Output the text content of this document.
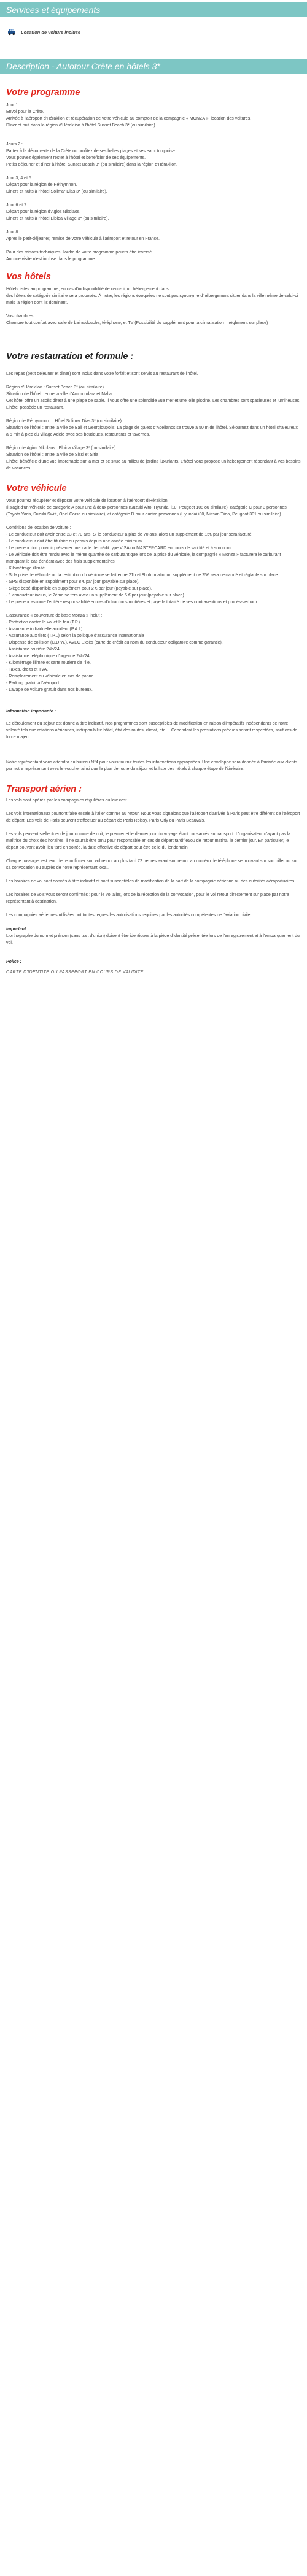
Services et équipements
Location de voiture incluse
Description - Autotour Crète en hôtels 3*
Votre programme

Jour 1 :
Envol pour la Crète.
Arrivée à l'aéroport d'Héraklion et récupération de votre véhicule au comptoir de la compagnie « MONZA », location des voitures.
Dîner et nuit dans la région d'Héraklion à l'hôtel Sunset Beach 3* (ou similaire)

Jours 2 :
Partez à la découverte de la Crète ou profitez de ses belles plages et ses eaux turquoise.
Vous pouvez également rester à l'hôtel et bénéficier de ses équipements.
Petits déjeuner et dîner à l'hôtel Sunset Beach 3* (ou similaire) dans la région d'Héraklion.

Jour 3, 4 et 5 :
Départ pour la région de Réthymnon.
Diners et nuits à l'hôtel Solimar Dias 3* (ou similaire).

Jour 6 et 7 :
Départ pour la région d'Agios Nikolaos.
Diners et nuits à l'hôtel Elpida Village 3* (ou similaire).

Jour 8 :
Après le petit-déjeuner, remise de votre véhicule à l'aéroport et retour en France.

Pour des raisons techniques, l'ordre de votre programme pourra être inversé.
Aucune visite n'est incluse dans le programme.

Vos hôtels

Hôtels listés au programme, en cas d'indisponibilité de ceux-ci, un hébergement dans
des hôtels de catégorie similaire sera proposés. À noter, les régions évoquées ne sont pas synonyme d'hébergement situer dans la ville même de celui-ci mais la région dont ils dominent.

Vos chambres :
Chambre tout confort avec salle de bains/douche, téléphone, et TV (Possibilité du supplément pour la climatisation – règlement sur place)

Votre restauration et formule :

Les repas (petit déjeuner et dîner) sont inclus dans votre forfait et sont servis au restaurant de l'hôtel.

Région d'Héraklion : Sunset Beach 3* (ou similaire)
Situation de l'hôtel : entre la ville d'Ammoudara et Malia
Cet hôtel offre un accès direct à une plage de sable. Il vous offre une splendide vue mer et une jolie piscine. Les chambres sont spacieuses et lumineuses. L'hôtel possède un restaurant.

Région de Réthymnon : : Hôtel Solimar Dias 3* (ou similaire)
Situation de l'hôtel : entre la ville de Bali et Georgioupolis. La plage de galets d'Adelianos se trouve à 50 m de l'hôtel. Séjournez dans un hôtel chaleureux à 5 min à pied du village Adele avec ses boutiques, restaurants et tavernes.

Région de Agios Nikolaos : Elpida Village 3* (ou similaire)
Situation de l'hôtel : entre la ville de Sissi et Sitia
L'hôtel bénéficie d'une vue imprenable sur la mer et se situe au milieu de jardins luxuriants. L'hôtel vous propose un hébergement répondant à vos besoins de vacances.

Votre véhicule

Vous pourrez récupérer et déposer votre véhicule de location à l'aéroport d'Héraklion.
Il s'agit d'un véhicule de catégorie A pour une à deux personnes (Suzuki Alto, Hyundai i10, Peugeot 108 ou similaire), catégorie C pour 3 personnes (Toyota Yaris, Suzuki Swift, Opel Corsa ou similaire), et catégorie D pour quatre personnes (Hyundai i30, Nissan Tiida, Peugeot 301 ou similaire).

Conditions de location de voiture :
- Le conducteur doit avoir entre 23 et 70 ans. Si le conducteur a plus de 70 ans, alors un supplément de 15€ par jour sera facturé.
- Le conducteur doit être titulaire du permis depuis une année minimum.
- Le preneur doit pouvoir présenter une carte de crédit type VISA ou MASTERCARD en cours de validité et à son nom.
- Le véhicule doit être rendu avec le même quantité de carburant que lors de la prise du véhicule, la compagnie « Monza » facturera le carburant manquant le cas échéant avec des frais supplémentaires.
- Kilométrage illimité.
- Si la prise de véhicule ou la restitution du véhicule se fait entre 21h et 8h du matin, un supplément de 25€ sera demandé et réglable sur place.
- GPS disponible en supplément pour 8 € par jour (payable sur place).
- Siège bébé disponible en supplément pour 2 € par jour (payable sur place).
- 1 conducteur inclus, le 2ème se fera avec un supplément de 5 € par jour (payable sur place).
- Le preneur assume l'entière responsabilité en cas d'infractions routières et paye la totalité de ses contraventions et procès-verbaux.

L'assurance « couverture de base Monza » inclut :
- Protection contre le vol et le feu (T.P.)
- Assurance individuelle accident (P.A.I.)
- Assurance aux tiers (T.P.L) selon la politique d'assurance internationale
- Dispense de collision (C.D.W.). AVEC Excès (carte de crédit au nom du conducteur obligatoire comme garantie).
- Assistance routière 24h/24.
- Assistance téléphonique d'urgence 24h/24.
- Kilométrage illimité et carte routière de l'île.
- Taxes, droits et TVA.
- Remplacement du véhicule en cas de panne.
- Parking gratuit à l'aéroport.
- Lavage de voiture gratuit dans nos bureaux.

Information importante :

Le déroulement du séjour est donné à titre indicatif. Nos programmes sont susceptibles de modification en raison d'impératifs indépendants de notre volonté tels que rotations aériennes, indisponibilité hôtel, état des routes, climat, etc.... Cependant les prestations prévues seront respectées, sauf cas de force majeur.

Notre représentant vous attendra au bureau N°4 pour vous fournir toutes les informations appropriées. Une enveloppe sera donnée à l'arrivée aux clients par notre représentant avec le voucher ainsi que le plan de route du séjour et la liste des hôtels à chaque étape de l'itinéraire.

Transport aérien :

Les vols sont opérés par les compagnies régulières ou low cost.

Les vols internationaux pourront faire escale à l'aller comme au retour. Nous vous signalons que l'aéroport d'arrivée à Paris peut être différent de l'aéroport de départ. Les vols de Paris peuvent s'effectuer au départ de Paris Roissy, Paris Orly ou Paris Beauvais.

Les vols peuvent s'effectuer de jour comme de nuit, le premier et le dernier jour du voyage étant consacrés au transport. L'organisateur n'ayant pas la maîtrise du choix des horaires, il ne saurait être tenu pour responsable en cas de départ tardif et/ou de retour matinal le dernier jour. En particulier, le départ pouvant avoir lieu tard en soirée, la date effective de départ peut être celle du lendemain.

Chaque passager est tenu de reconfirmer son vol retour au plus tard 72 heures avant son retour au numéro de téléphone se trouvant sur son billet ou sur sa convocation ou auprès de notre représentant local.

Les horaires de vol sont donnés à titre indicatif et sont susceptibles de modification de la part de la compagnie aérienne ou des autorités aéroportuaires.

Les horaires de vols vous seront confirmés : pour le vol aller, lors de la réception de la convocation, pour le vol retour directement sur place par notre représentant à destination.

Les compagnies aériennes utilisées ont toutes reçues les autorisations requises par les autorités compétentes de l'aviation civile.

Important :

L'orthographe du nom et prénom (sans trait d'union) doivent être identiques à la pièce d'identité présentée lors de l'enregistrement et à l'embarquement du vol.

Police :
CARTE D'IDENTITE OU PASSEPORT EN COURS DE VALIDITE
